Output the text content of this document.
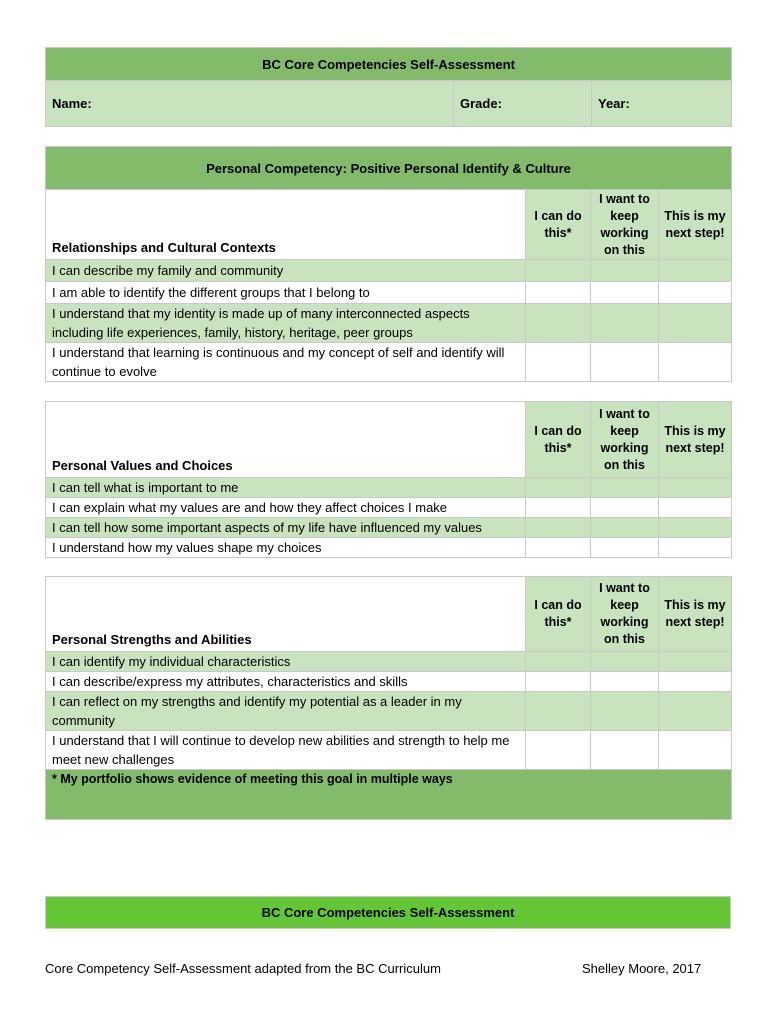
BC Core Competencies Self-Assessment
Name:	Grade:	Year:
Personal Competency: Positive Personal Identify & Culture			
Relationships and Cultural Contexts	I can do this*	I want to keep working on this	This is my next step!
I can describe my family and community			
I am able to identify the different groups that I belong to			
I understand that my identity is made up of many interconnected aspects including life experiences, family, history, heritage, peer groups			
I understand that learning is continuous and my concept of self and identify will continue to evolve			
Personal Values and Choices	I can do this*	I want to keep working on this	This is my next step!
I can tell what is important to me			
I can explain what my values are and how they affect choices I make			
I can tell how some important aspects of my life have influenced my values			
I understand how my values shape my choices			
Personal Strengths and Abilities	I can do this*	I want to keep working on this	This is my next step!
I can identify my individual characteristics			
I can describe/express my attributes, characteristics and skills			
I can reflect on my strengths and identify my potential as a leader in my community			
I understand that I will continue to develop new abilities and strength to help me meet new challenges			
* My portfolio shows evidence of meeting this goal in multiple ways			
BC Core Competencies Self-Assessment
Core Competency Self-Assessment adapted from the BC Curriculum	Shelley Moore, 2017
